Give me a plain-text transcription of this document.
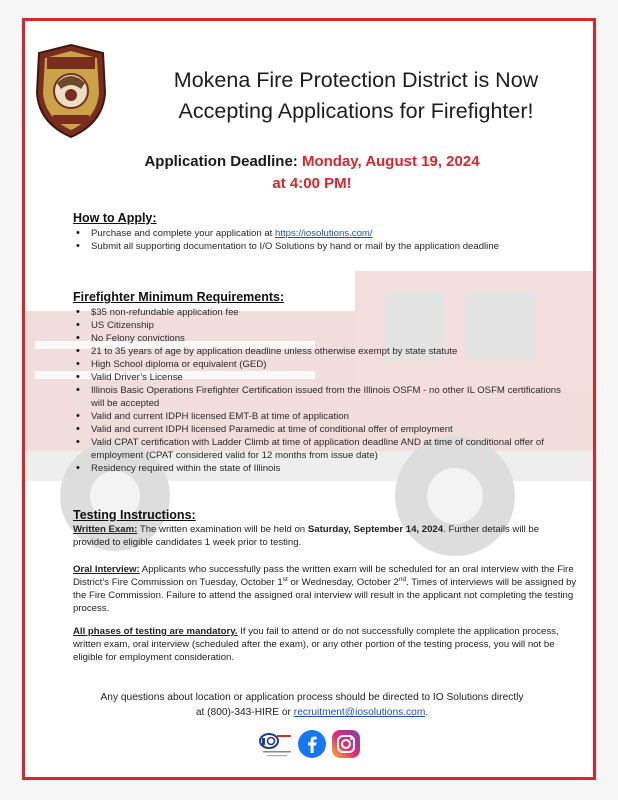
Mokena Fire Protection District is Now
Accepting Applications for Firefighter!
Application Deadline: Monday, August 19, 2024
at 4:00 PM!
How to Apply:
• Purchase and complete your application at https://iosolutions.com/
• Submit all supporting documentation to I/O Solutions by hand or mail by the application deadline
Firefighter Minimum Requirements:
• $35 non-refundable application fee
• US Citizenship
• No Felony convictions
• 21 to 35 years of age by application deadline unless otherwise exempt by state statute
• High School diploma or equivalent (GED)
• Valid Driver’s License
• Illinois Basic Operations Firefighter Certification issued from the Illinois OSFM - no other IL OSFM certifications will be accepted
• Valid and current IDPH licensed EMT-B at time of application
• Valid and current IDPH licensed Paramedic at time of conditional offer of employment
• Valid CPAT certification with Ladder Climb at time of application deadline AND at time of conditional offer of employment (CPAT considered valid for 12 months from issue date)
• Residency required within the state of Illinois
Testing Instructions:
Written Exam: The written examination will be held on Saturday, September 14, 2024. Further details will be provided to eligible candidates 1 week prior to testing.
Oral Interview: Applicants who successfully pass the written exam will be scheduled for an oral interview with the Fire District’s Fire Commission on Tuesday, October 1st or Wednesday, October 2nd. Times of interviews will be assigned by the Fire Commission. Failure to attend the assigned oral interview will result in the applicant not completing the testing process.
All phases of testing are mandatory. If you fail to attend or do not successfully complete the application process, written exam, oral interview (scheduled after the exam), or any other portion of the testing process, you will not be eligible for employment consideration.
Any questions about location or application process should be directed to IO Solutions directly
at (800)-343-HIRE or recruitment@iosolutions.com.
